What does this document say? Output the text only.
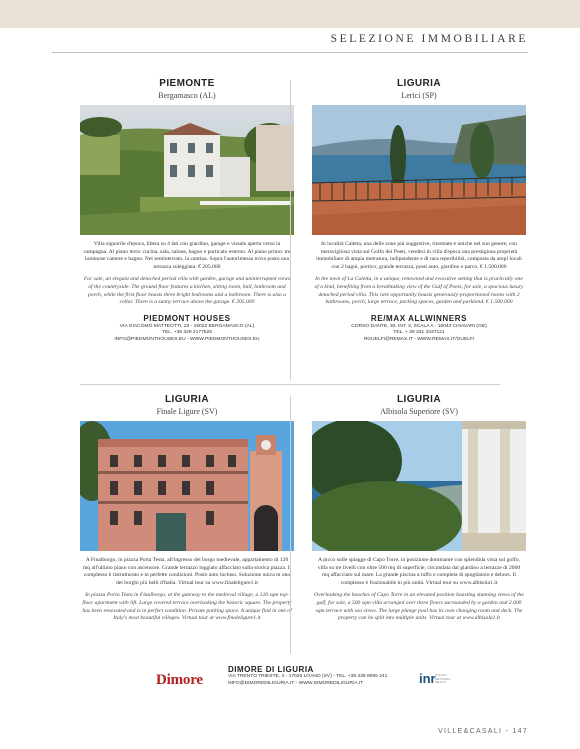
SELEZIONE IMMOBILIARE

PIEMONTE

Bergamasco (AL)

Villa signorile d'epoca, libera su 4 lati con giardino, garage e vissale aperta verso la campagna. Al piano terra: cucina, sala, salone, bagno e porticato esterno. Al piano primo: tre luminose camere e bagno. Nel seminterrato, la cantina. Sopra l'autorimessa trova posto una terrazza soleggiata. € 205.000

For sale, an elegant and detached period villa with garden, garage and uninterrupted views of the countryside. The ground floor features a kitchen, sitting room, hall, bathroom and porch, while the first floor boasts three bright bedrooms and a bathroom. There is also a cellar. There is a sunny terrace above the garage. € 205.000

PIEDMONT HOUSES

VIA GIACOMO MATTEOTTI, 23 - 15022 BERGAMASCO (AL)
TEL. +39 329 2177528
INFO@PIEDMONTHOUSES.EU - WWW.PIEDMONTHOUSES.EU

LIGURIA

Lerici (SP)

In località Caletta, una delle zone più suggestive, rinomate e uniche nel suo genere, con meravigliosa vista sul Golfo dei Poeti, vendesi in villa d'epoca una prestigiosa proprietà immobiliare di ampia metratura, indipendente e di rara reperibilità, composta da ampi locali con 2 bagni, portico, grande terrazza, posti auto, giardino e parco. € 1.500.000

In the town of La Caletta, in a unique, renowned and evocative setting that is practically one of a kind, benefiting from a breathtaking view of the Gulf of Poets, for sale, a spacious luxury detached period villa. This rare opportunity boasts generously-proportioned rooms with 2 bathrooms, porch, large terrace, parking spaces, garden and parkland. € 1.500.000

RE/MAX ALLWINNERS

CORSO DANTE, 30, INT. 3, SCALA A - 16043 CHIAVARI (GE)
TEL. + 39 331 3337121
RGUELFI@REMAX.IT - WWW.REMAX.IT/GUELFI

LIGURIA

Finale Ligure (SV)

A Finalborgo, in piazza Porta Testa, all'ingresso del borgo medievale, appartamento di 120 mq all'ultimo piano con ascensore. Grande terrazzo loggiato affacciato sulla storica piazza. Il complesso è ristrutturato e in perfette condizioni. Posto auto incluso. Soluzione unica in uno dei borghi più belli d'Italia. Virtual tour su www.finaleligure1.it

In piazza Porta Testa in Finalborgo, at the gateway to the medieval village, a 120 sqm top-floor apartment with lift. Large covered terrace overlooking the historic square. The property has been renovated and is in perfect condition. Private parking space. A unique find in one of Italy's most beautiful villages. Virtual tour at www.finaleligure1.it

LIGURIA

Albisola Superiore (SV)

A picco sulle spiagge di Capo Torre, in posizione dominante con splendida vista sul golfo, villa su tre livelli con oltre 500 mq di superficie, circondata dal giardino a terrazze di 2000 mq affacciato sul mare. La grande piscina a tuffo e completa di spogliatoio e dehors. Il complesso è frazionabile in più unità. Virtual tour su www.albisola1.it

Overlooking the beaches of Capo Torre in an elevated position boasting stunning views of the gulf, for sale, a 500 sqm villa arranged over three floors surrounded by a garden and 2.000 sqm terrace with sea views. The large plunge pool has its own changing room and deck. The property can be split into multiple units. Virtual tour at www.albisola1.it

Dimore

DIMORE DI LIGURIA

VIA TRENTO TRIESTE, 4 - 17025 LOANO (SV) - TEL. +39 339 8095 241

INFO@DIMOREDILIGURIA.IT - WWW.DIMOREDILIGURIA.IT	inr ITALIAN NETWORK REALTY
VILLE&CASALI - 147
